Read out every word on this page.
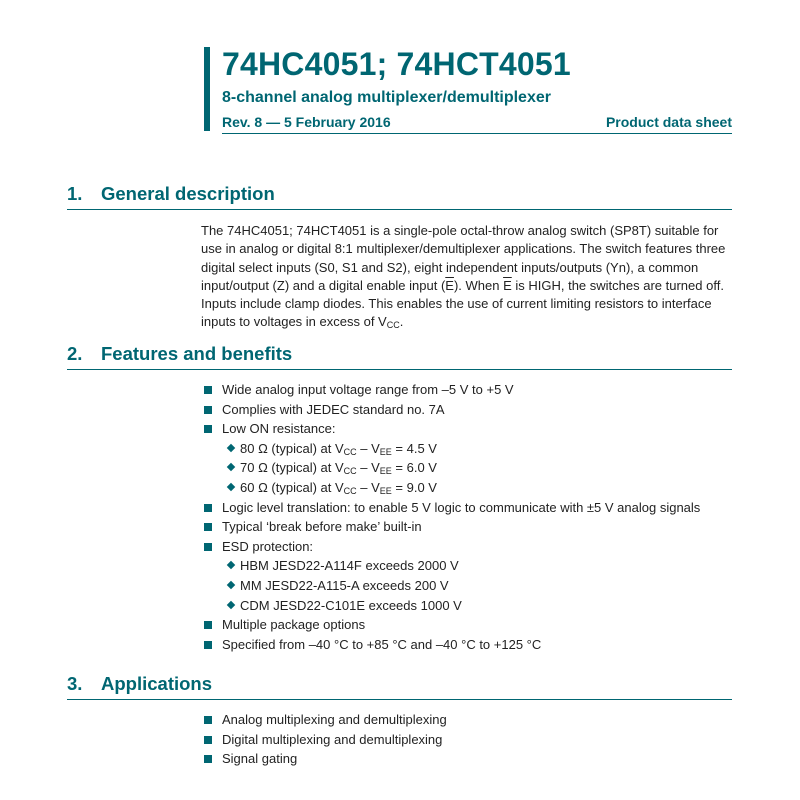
74HC4051; 74HCT4051
8-channel analog multiplexer/demultiplexer
Rev. 8 — 5 February 2016	Product data sheet
1. General description
The 74HC4051; 74HCT4051 is a single-pole octal-throw analog switch (SP8T) suitable for use in analog or digital 8:1 multiplexer/demultiplexer applications. The switch features three digital select inputs (S0, S1 and S2), eight independent inputs/outputs (Yn), a common input/output (Z) and a digital enable input $(\overline{E})$. When $\overline{E}$ is HIGH, the switches are turned off. Inputs include clamp diodes. This enables the use of current limiting resistors to interface inputs to voltages in excess of $V_{CC}$.
2. Features and benefits
Wide analog input voltage range from –5 V to +5 V
Complies with JEDEC standard no. 7A
Low ON resistance:
80 Ω (typical) at $V_{CC} - V_{EE} = 4.5$ V
70 Ω (typical) at $V_{CC} - V_{EE} = 6.0$ V
60 Ω (typical) at $V_{CC} - V_{EE} = 9.0$ V
Logic level translation: to enable 5 V logic to communicate with ±5 V analog signals
Typical ‘break before make’ built-in
ESD protection:
HBM JESD22-A114F exceeds 2000 V
MM JESD22-A115-A exceeds 200 V
CDM JESD22-C101E exceeds 1000 V
Multiple package options
Specified from –40 °C to +85 °C and –40 °C to +125 °C
3. Applications
Analog multiplexing and demultiplexing
Digital multiplexing and demultiplexing
Signal gating
